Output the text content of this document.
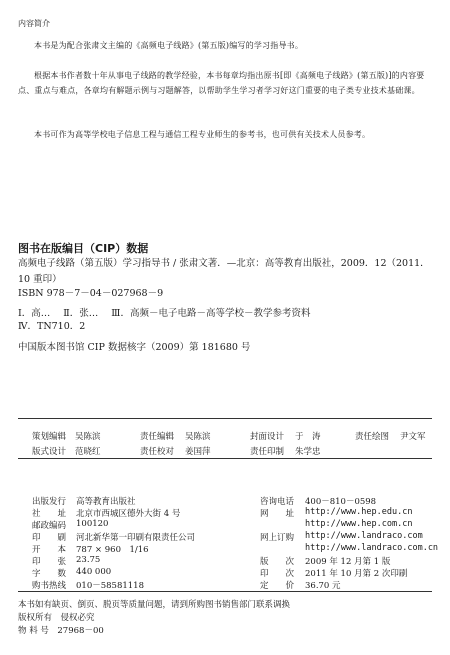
内容简介
本书是为配合张肃文主编的《高频电子线路》(第五版)编写的学习指导书。
根据本书作者数十年从事电子线路的教学经验，本书每章均指出原书[即《高频电子线路》(第五版)]的内容要点、重点与难点，各章均有解题示例与习题解答，以帮助学生学习者学习好这门重要的电子类专业技术基础课。
本书可作为高等学校电子信息工程与通信工程专业师生的参考书，也可供有关技术人员参考。
图书在版编目（CIP）数据
高频电子线路（第五版）学习指导书 / 张肃文著．—北京：高等教育出版社，2009．12（2011．10 重印）
ISBN 978－7－04－027968－9
Ⅰ．高… Ⅱ．张… Ⅲ．高频－电子电路－高等学校－教学参考资料
Ⅳ．TN710．2
中国版本图书馆 CIP 数据核字（2009）第 181680 号
策划编辑 吴陈滨	责任编辑 吴陈滨	封面设计 于　涛	责任绘图 尹文军
版式设计 范晓红	责任校对 姜国萍	责任印制 朱学忠
出版发行 高等教育出版社
社　　址 北京市西城区德外大街 4 号
邮政编码 100120
印　　刷 河北新华第一印刷有限责任公司
开　　本 787 × 960　1/16
印　　张 23.75
字　　数 440 000
购书热线 010－58581118
咨询电话 400－810－0598
网　　址 http://www.hep.edu.cn
http://www.hep.com.cn
网上订购 http://www.landraco.com
http://www.landraco.com.cn
版　　次 2009 年 12 月第 1 版
印　　次 2011 年 10 月第 2 次印刷
定　　价 36.70 元
本书如有缺页、倒页、脱页等质量问题，请到所购图书销售部门联系调换
版权所有　侵权必究
物 料 号　27968－00
